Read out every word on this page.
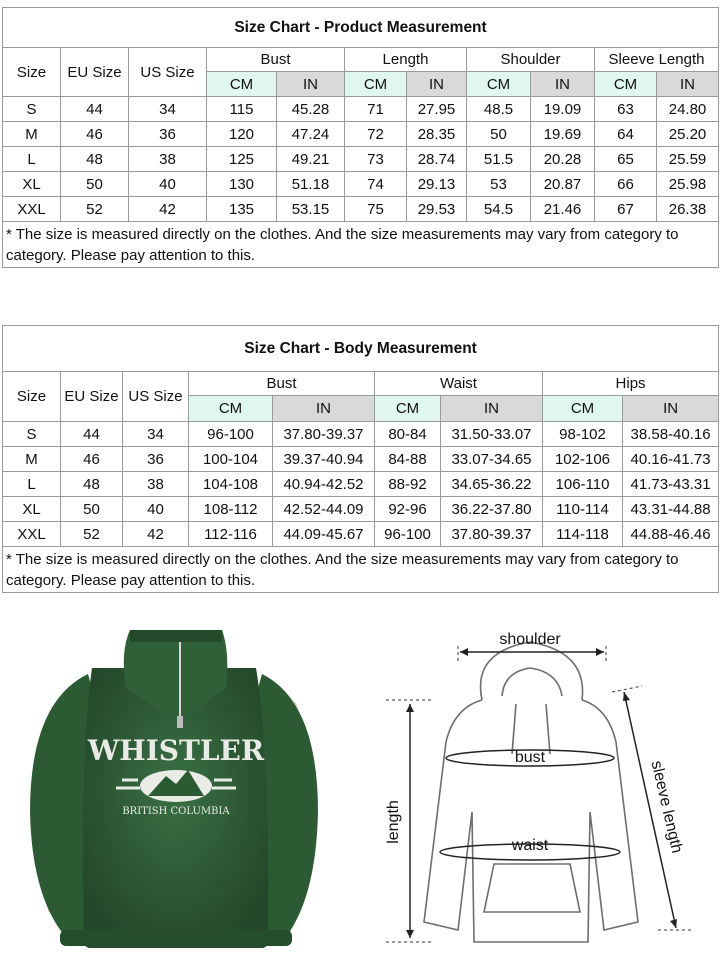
Size Chart - Product Measurement										
Size	EU Size	US Size	Bust		Length		Shoulder		Sleeve Length	
			CM	IN	CM	IN	CM	IN	CM	IN
S	44	34	115	45.28	71	27.95	48.5	19.09	63	24.80
M	46	36	120	47.24	72	28.35	50	19.69	64	25.20
L	48	38	125	49.21	73	28.74	51.5	20.28	65	25.59
XL	50	40	130	51.18	74	29.13	53	20.87	66	25.98
XXL	52	42	135	53.15	75	29.53	54.5	21.46	67	26.38
* The size is measured directly on the clothes. And the size measurements may vary from category to category. Please pay attention to this.										
Size Chart - Body Measurement								
Size	EU Size	US Size	Bust		Waist		Hips	
			CM	IN	CM	IN	CM	IN
S	44	34	96-100	37.80-39.37	80-84	31.50-33.07	98-102	38.58-40.16
M	46	36	100-104	39.37-40.94	84-88	33.07-34.65	102-106	40.16-41.73
L	48	38	104-108	40.94-42.52	88-92	34.65-36.22	106-110	41.73-43.31
XL	50	40	108-112	42.52-44.09	92-96	36.22-37.80	110-114	43.31-44.88
XXL	52	42	112-116	44.09-45.67	96-100	37.80-39.37	114-118	44.88-46.46
* The size is measured directly on the clothes. And the size measurements may vary from category to category. Please pay attention to this.								
WHISTLER
BRITISH COLUMBIA
shoulder
bust
waist
length	sleeve length
